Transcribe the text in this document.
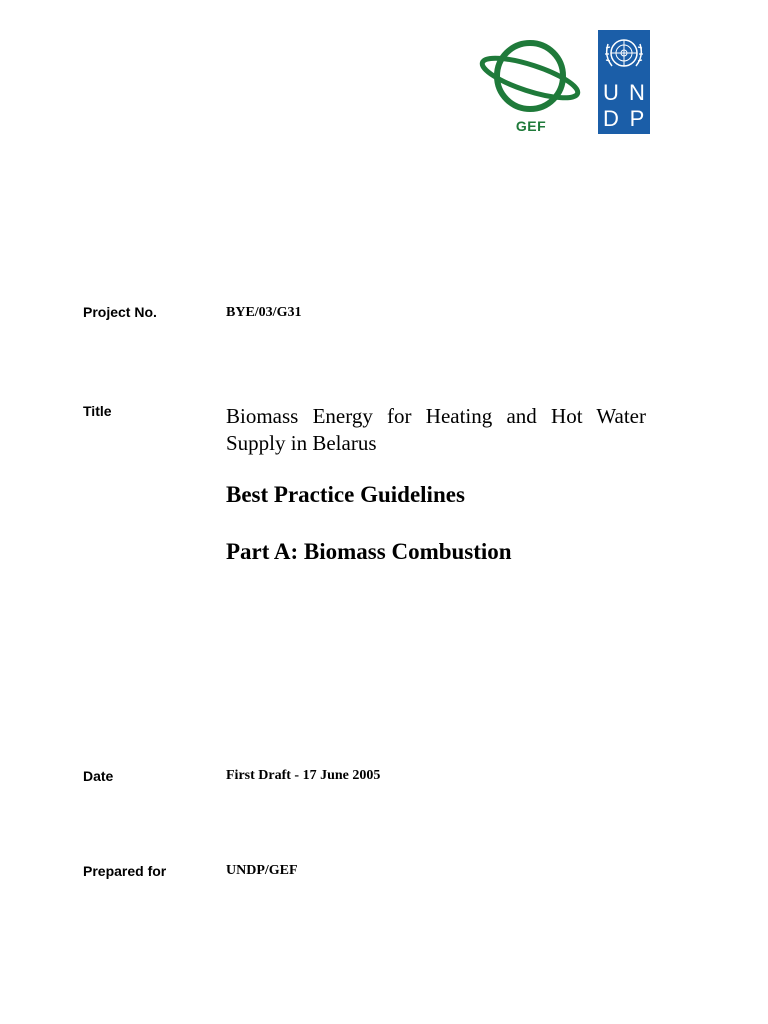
GEF
U N
D P
Project No.	BYE/03/G31
Title	Biomass Energy for Heating and Hot Water Supply in Belarus
Best Practice Guidelines
Part A: Biomass Combustion
Date	First Draft - 17 June 2005
Prepared for	UNDP/GEF
